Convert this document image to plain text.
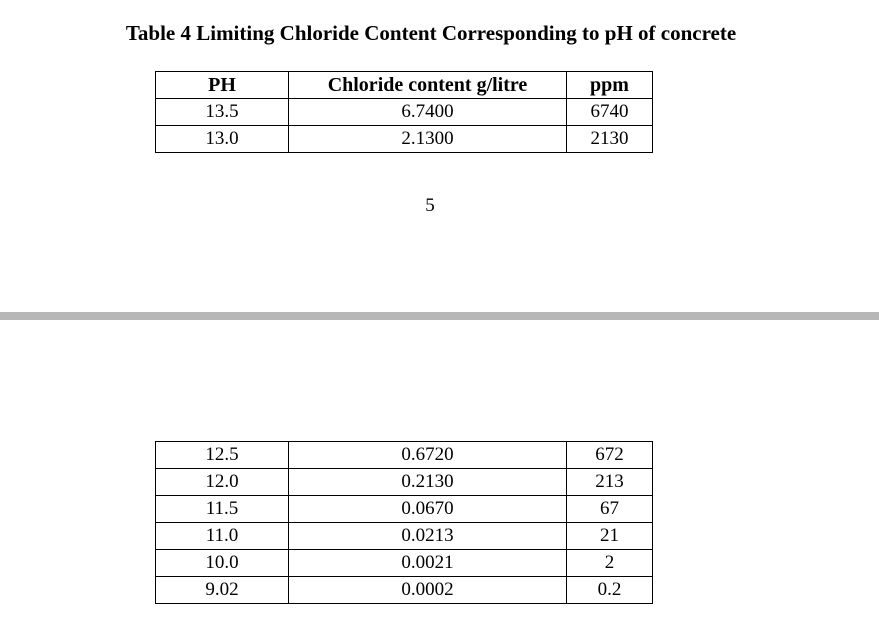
Table 4 Limiting Chloride Content Corresponding to pH of concrete
PH	Chloride content g/litre	ppm
13.5	6.7400	6740
13.0	2.1300	2130
5
12.5	0.6720	672
12.0	0.2130	213
11.5	0.0670	67
11.0	0.0213	21
10.0	0.0021	2
9.02	0.0002	0.2
